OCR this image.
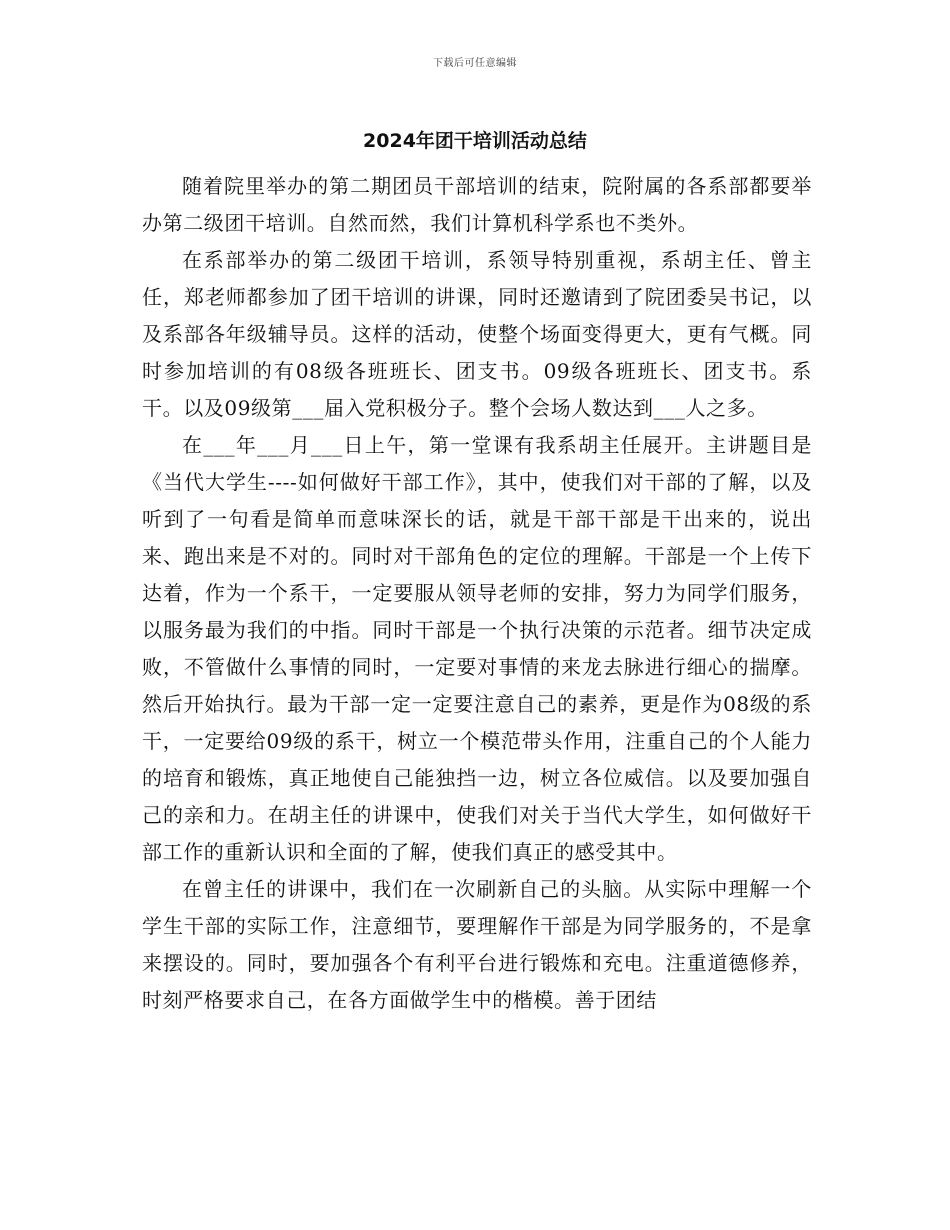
下载后可任意编辑
2024年团干培训活动总结

随着院里举办的第二期团员干部培训的结束，院附属的各系部都要举办第二级团干培训。自然而然，我们计算机科学系也不类外。

在系部举办的第二级团干培训，系领导特别重视，系胡主任、曾主任，郑老师都参加了团干培训的讲课，同时还邀请到了院团委吴书记，以及系部各年级辅导员。这样的活动，使整个场面变得更大，更有气概。同时参加培训的有08级各班班长、团支书。09级各班班长、团支书。系干。以及09级第___届入党积极分子。整个会场人数达到___人之多。

在___年___月___日上午，第一堂课有我系胡主任展开。主讲题目是《当代大学生----如何做好干部工作》，其中，使我们对干部的了解，以及听到了一句看是简单而意味深长的话，就是干部干部是干出来的，说出来、跑出来是不对的。同时对干部角色的定位的理解。干部是一个上传下达着，作为一个系干，一定要服从领导老师的安排，努力为同学们服务，以服务最为我们的中指。同时干部是一个执行决策的示范者。细节决定成败，不管做什么事情的同时，一定要对事情的来龙去脉进行细心的揣摩。然后开始执行。最为干部一定一定要注意自己的素养，更是作为08级的系干，一定要给09级的系干，树立一个模范带头作用，注重自己的个人能力的培育和锻炼，真正地使自己能独挡一边，树立各位威信。以及要加强自己的亲和力。在胡主任的讲课中，使我们对关于当代大学生，如何做好干部工作的重新认识和全面的了解，使我们真正的感受其中。

在曾主任的讲课中，我们在一次刷新自己的头脑。从实际中理解一个学生干部的实际工作，注意细节，要理解作干部是为同学服务的，不是拿来摆设的。同时，要加强各个有利平台进行锻炼和充电。注重道德修养，时刻严格要求自己，在各方面做学生中的楷模。善于团结
